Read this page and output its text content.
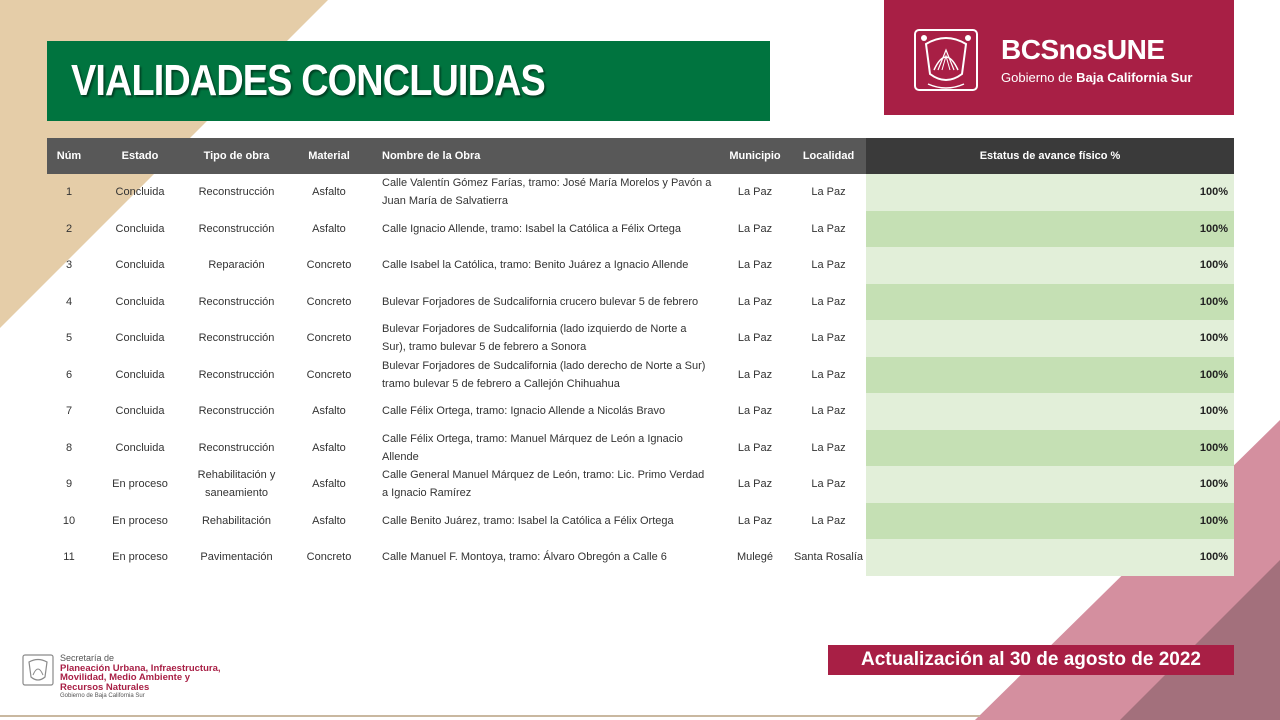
VIALIDADES CONCLUIDAS
BCSnosUNE
Gobierno de Baja California Sur
Núm	Estado	Tipo de obra	Material	Nombre de la Obra	Municipio	Localidad	Estatus de avance físico %
1	Concluida	Reconstrucción	Asfalto	Calle Valentín Gómez Farías, tramo: José María Morelos y Pavón a Juan María de Salvatierra	La Paz	La Paz	100%
2	Concluida	Reconstrucción	Asfalto	Calle Ignacio Allende, tramo: Isabel la Católica a Félix Ortega	La Paz	La Paz	100%
3	Concluida	Reparación	Concreto	Calle Isabel la Católica, tramo: Benito Juárez a Ignacio Allende	La Paz	La Paz	100%
4	Concluida	Reconstrucción	Concreto	Bulevar Forjadores de Sudcalifornia crucero bulevar 5 de febrero	La Paz	La Paz	100%
5	Concluida	Reconstrucción	Concreto	Bulevar Forjadores de Sudcalifornia (lado izquierdo de Norte a Sur), tramo bulevar 5 de febrero a Sonora	La Paz	La Paz	100%
6	Concluida	Reconstrucción	Concreto	Bulevar Forjadores de Sudcalifornia (lado derecho de Norte a Sur) tramo bulevar 5 de febrero a Callejón Chihuahua	La Paz	La Paz	100%
7	Concluida	Reconstrucción	Asfalto	Calle Félix Ortega, tramo: Ignacio Allende a Nicolás Bravo	La Paz	La Paz	100%
8	Concluida	Reconstrucción	Asfalto	Calle Félix Ortega, tramo: Manuel Márquez de León a Ignacio Allende	La Paz	La Paz	100%
9	En proceso	Rehabilitación y saneamiento	Asfalto	Calle General Manuel Márquez de León, tramo: Lic. Primo Verdad a Ignacio Ramírez	La Paz	La Paz	100%
10	En proceso	Rehabilitación	Asfalto	Calle Benito Juárez, tramo: Isabel la Católica a Félix Ortega	La Paz	La Paz	100%
11	En proceso	Pavimentación	Concreto	Calle Manuel F. Montoya, tramo: Álvaro Obregón a Calle 6	Mulegé	Santa Rosalía	100%
Secretaría de
Planeación Urbana, Infraestructura,
Movilidad, Medio Ambiente y
Recursos Naturales
Gobierno de Baja California Sur
Actualización al 30 de agosto de 2022
